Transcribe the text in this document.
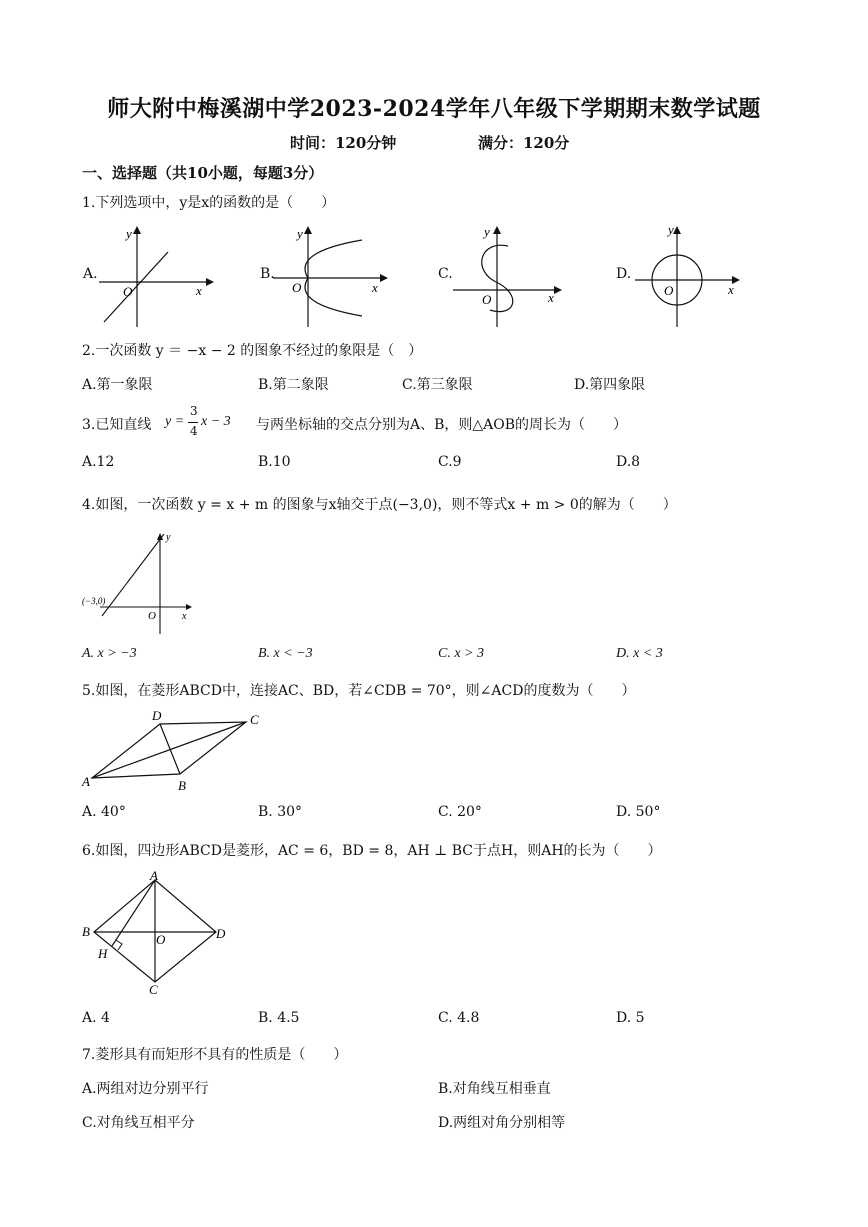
师大附中梅溪湖中学2023-2024学年八年级下学期期末数学试题
时间：120分钟	满分：120分
一、选择题（共10小题，每题3分）
1.下列选项中，y是x的函数的是（　　）
A.
y
x
O
B.
y
x
O
C.
y
x
O
D.
y
x
O
2.一次函数 y ＝ −x − 2 的图象不经过的象限是（　）
A.第一象限	B.第二象限	C.第三象限	D.第四象限
3.已知直线 y =
3
4
x − 3 与两坐标轴的交点分别为A、B，则△AOB的周长为（　　）
A.12	B.10	C.9	D.8
4.如图，一次函数 y = x + m 的图象与x轴交于点(−3,0)，则不等式x + m > 0的解为（　　）
(−3,0)
y
x
O
A. x > −3	B. x < −3	C. x > 3	D. x < 3
5.如图，在菱形ABCD中，连接AC、BD，若∠CDB = 70°，则∠ACD的度数为（　　）
A	B
C
D
A. 40°	B. 30°	C. 20°	D. 50°
6.如图，四边形ABCD是菱形，AC = 6，BD = 8，AH ⊥ BC于点H，则AH的长为（　　）
A
B
C
D
O
H
A. 4	B. 4.5	C. 4.8	D. 5
7.菱形具有而矩形不具有的性质是（　　）
A.两组对边分别平行	B.对角线互相垂直
C.对角线互相平分	D.两组对角分别相等
